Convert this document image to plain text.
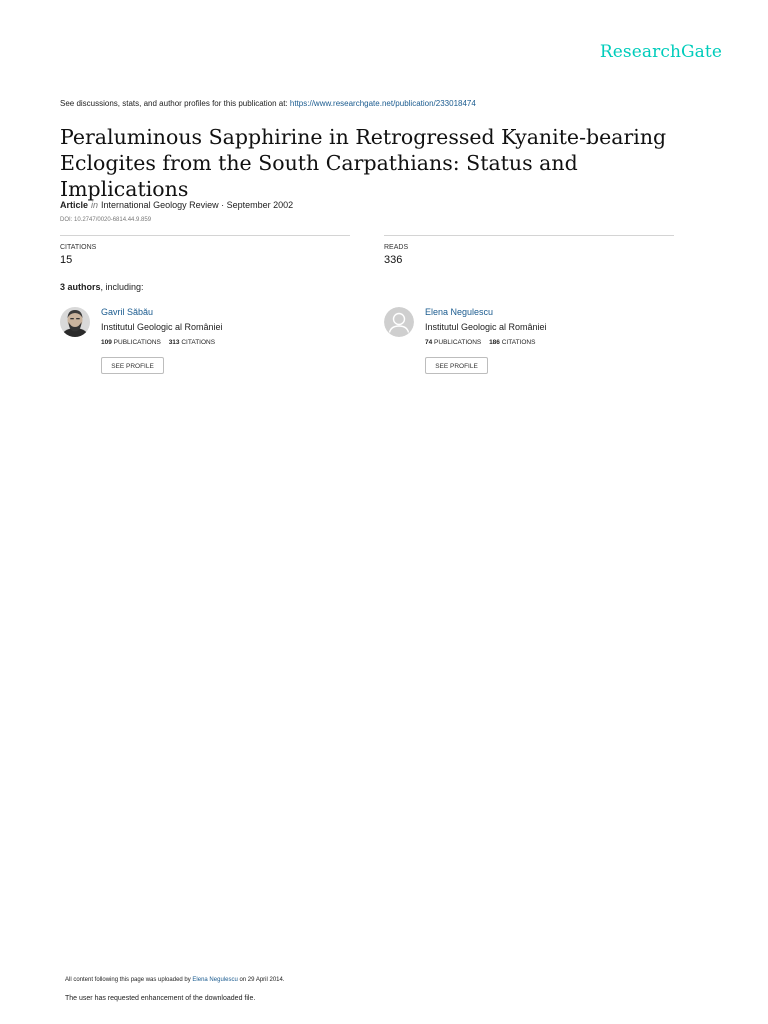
ResearchGate
See discussions, stats, and author profiles for this publication at: https://www.researchgate.net/publication/233018474
Peraluminous Sapphirine in Retrogressed Kyanite-bearing Eclogites from the South Carpathians: Status and Implications
Article in International Geology Review · September 2002
DOI: 10.2747/0020-6814.44.9.859
CITATIONS
15
READS
336
3 authors, including:
Gavril Săbău
Institutul Geologic al României
109 PUBLICATIONS 313 CITATIONS
SEE PROFILE
Elena Negulescu
Institutul Geologic al României
74 PUBLICATIONS 186 CITATIONS
SEE PROFILE
All content following this page was uploaded by Elena Negulescu on 29 April 2014.
The user has requested enhancement of the downloaded file.
